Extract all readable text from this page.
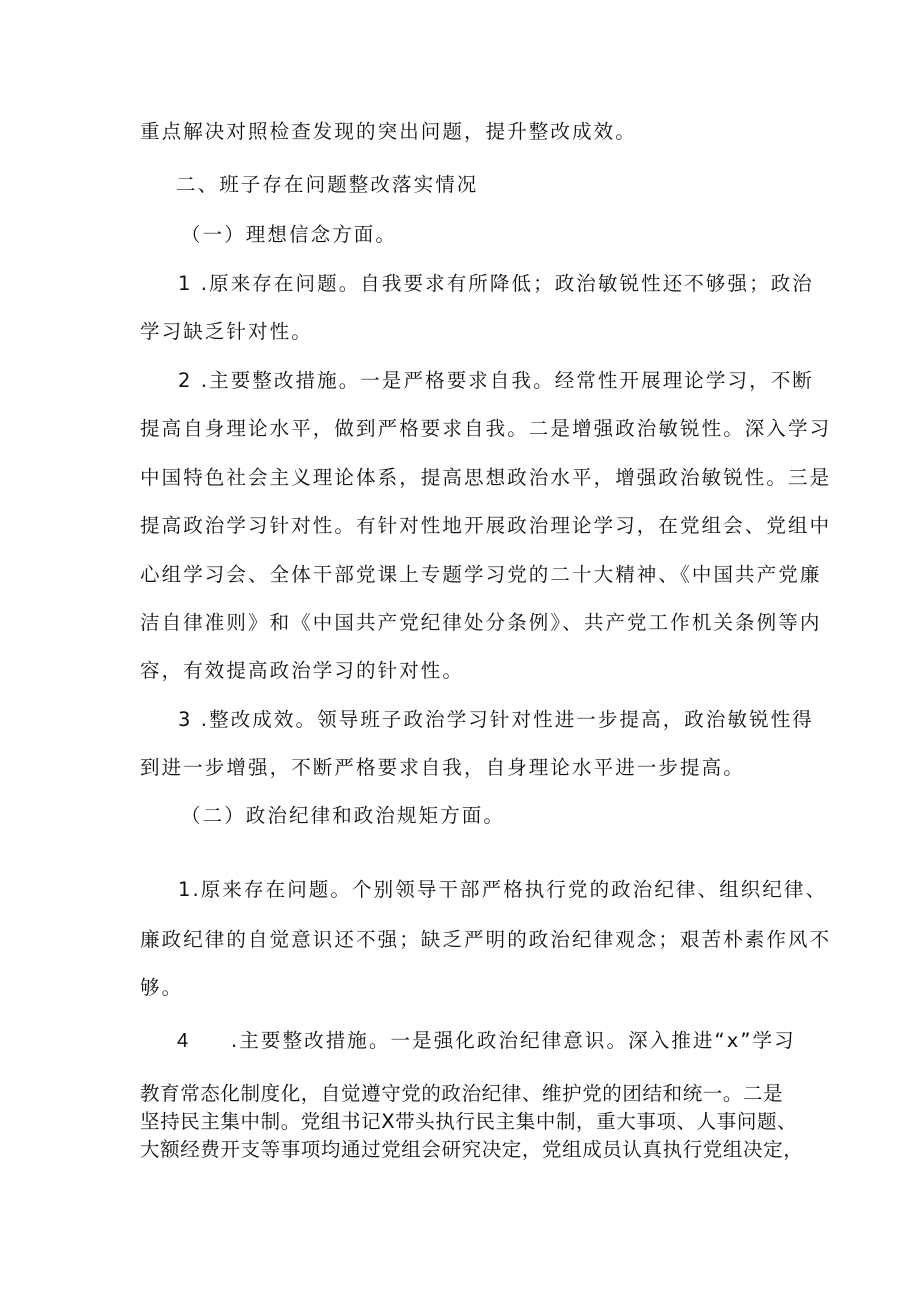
重点解决对照检查发现的突出问题，提升整改成效。
二、班子存在问题整改落实情况
（一）理想信念方面。
1 .原来存在问题。自我要求有所降低；政治敏锐性还不够强；政治
学习缺乏针对性。
2 .主要整改措施。一是严格要求自我。经常性开展理论学习，不断
提高自身理论水平，做到严格要求自我。二是增强政治敏锐性。深入学习
中国特色社会主义理论体系，提高思想政治水平，增强政治敏锐性。三是
提高政治学习针对性。有针对性地开展政治理论学习，在党组会、党组中
心组学习会、全体干部党课上专题学习党的二十大精神、《中国共产党廉
洁自律准则》和《中国共产党纪律处分条例》、共产党工作机关条例等内
容，有效提高政治学习的针对性。
3 .整改成效。领导班子政治学习针对性进一步提高，政治敏锐性得
到进一步增强，不断严格要求自我，自身理论水平进一步提高。
（二）政治纪律和政治规矩方面。
1.原来存在问题。个别领导干部严格执行党的政治纪律、组织纪律、
廉政纪律的自觉意识还不强；缺乏严明的政治纪律观念；艰苦朴素作风不
够。
4 .主要整改措施。一是强化政治纪律意识。深入推进“x”学习
教育常态化制度化，自觉遵守党的政治纪律、维护党的团结和统一。二是
坚持民主集中制。党组书记X带头执行民主集中制，重大事项、人事问题、
大额经费开支等事项均通过党组会研究决定，党组成员认真执行党组决定，
